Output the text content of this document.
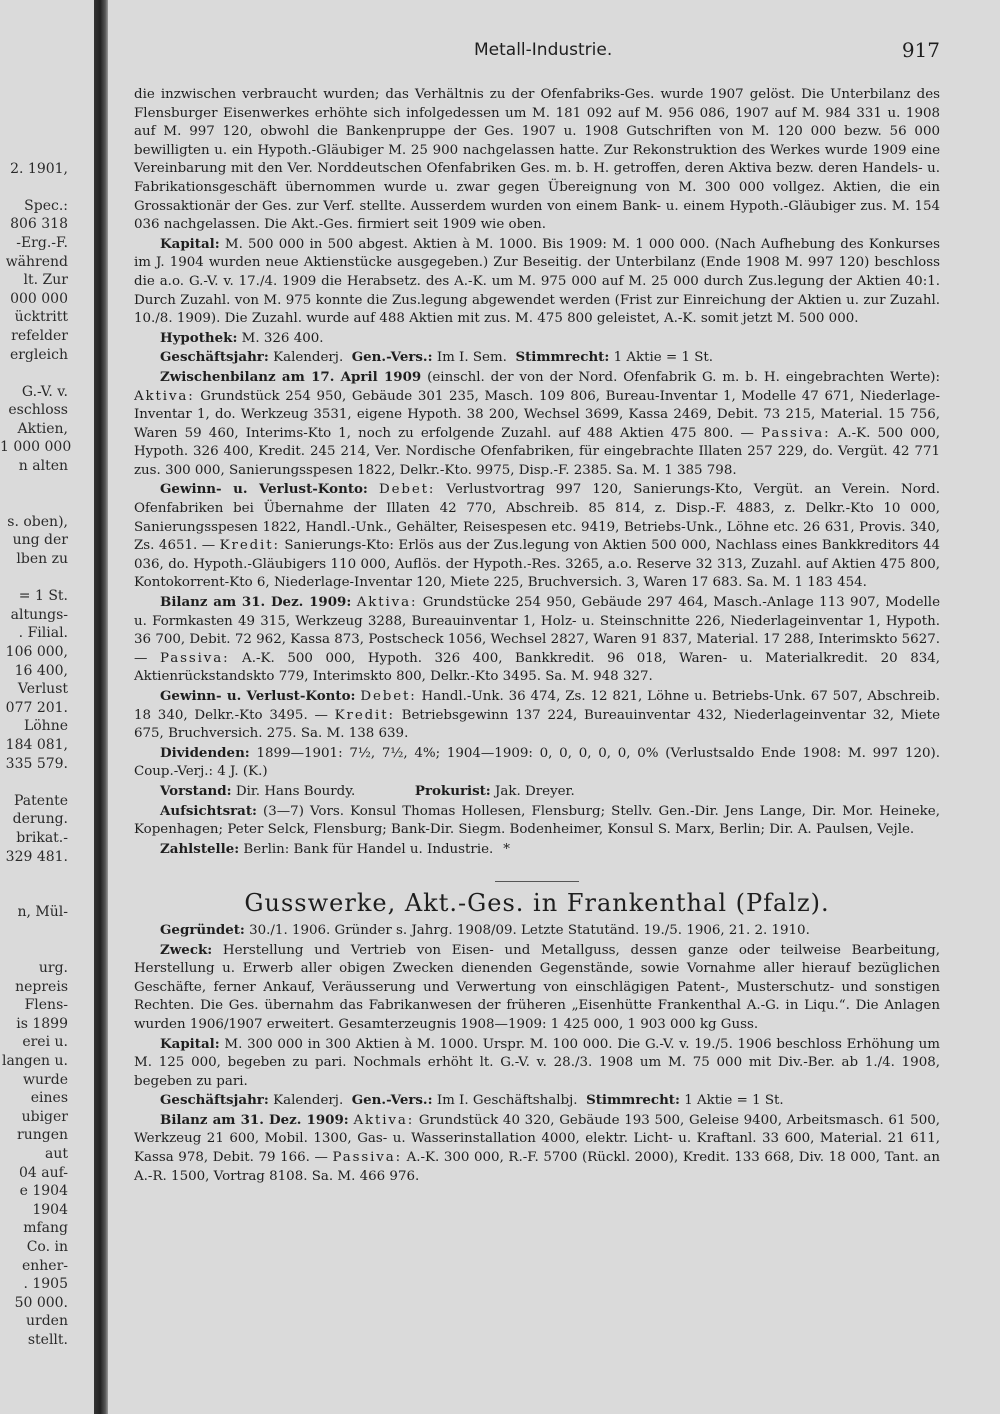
2. 1901,

Spec.:
806 318
-Erg.-F.
während
lt. Zur
000 000
ücktritt
refelder
ergleich

G.-V. v.
eschloss
Aktien,
1 000 000
n alten

s. oben),
ung der
lben zu

= 1 St.
altungs-
. Filial.
106 000,
16 400,
Verlust
077 201.
Löhne
184 081,
335 579.

Patente
derung.
brikat.-
329 481.

n, Mül-

urg.
nepreis
Flens-
is 1899
erei u.
langen u.
wurde
eines
ubiger
rungen
aut
04 auf-
e 1904
1904
mfang
Co. in
enher-
. 1905
50 000.
urden
stellt.
Metall-Industrie.	917

die inzwischen verbraucht wurden; das Verhältnis zu der Ofenfabriks-Ges. wurde 1907 gelöst. Die Unterbilanz des Flensburger Eisenwerkes erhöhte sich infolgedessen um M. 181 092 auf M. 956 086, 1907 auf M. 984 331 u. 1908 auf M. 997 120, obwohl die Bankenpruppe der Ges. 1907 u. 1908 Gutschriften von M. 120 000 bezw. 56 000 bewilligten u. ein Hypoth.-Gläubiger M. 25 900 nachgelassen hatte. Zur Rekonstruktion des Werkes wurde 1909 eine Vereinbarung mit den Ver. Norddeutschen Ofenfabriken Ges. m. b. H. getroffen, deren Aktiva bezw. deren Handels- u. Fabrikationsgeschäft übernommen wurde u. zwar gegen Übereignung von M. 300 000 vollgez. Aktien, die ein Grossaktionär der Ges. zur Verf. stellte. Ausserdem wurden von einem Bank- u. einem Hypoth.-Gläubiger zus. M. 154 036 nachgelassen. Die Akt.-Ges. firmiert seit 1909 wie oben.

Kapital: M. 500 000 in 500 abgest. Aktien à M. 1000. Bis 1909: M. 1 000 000. (Nach Aufhebung des Konkurses im J. 1904 wurden neue Aktienstücke ausgegeben.) Zur Beseitig. der Unterbilanz (Ende 1908 M. 997 120) beschloss die a.o. G.-V. v. 17./4. 1909 die Herabsetz. des A.-K. um M. 975 000 auf M. 25 000 durch Zus.legung der Aktien 40:1. Durch Zuzahl. von M. 975 konnte die Zus.legung abgewendet werden (Frist zur Einreichung der Aktien u. zur Zuzahl. 10./8. 1909). Die Zuzahl. wurde auf 488 Aktien mit zus. M. 475 800 geleistet, A.-K. somit jetzt M. 500 000.

Hypothek: M. 326 400.

Geschäftsjahr: Kalenderj. Gen.-Vers.: Im I. Sem. Stimmrecht: 1 Aktie = 1 St.

Zwischenbilanz am 17. April 1909 (einschl. der von der Nord. Ofenfabrik G. m. b. H. eingebrachten Werte): Aktiva: Grundstück 254 950, Gebäude 301 235, Masch. 109 806, Bureau-Inventar 1, Modelle 47 671, Niederlage-Inventar 1, do. Werkzeug 3531, eigene Hypoth. 38 200, Wechsel 3699, Kassa 2469, Debit. 73 215, Material. 15 756, Waren 59 460, Interims-Kto 1, noch zu erfolgende Zuzahl. auf 488 Aktien 475 800. — Passiva: A.-K. 500 000, Hypoth. 326 400, Kredit. 245 214, Ver. Nordische Ofenfabriken, für eingebrachte Illaten 257 229, do. Vergüt. 42 771 zus. 300 000, Sanierungsspesen 1822, Delkr.-Kto. 9975, Disp.-F. 2385. Sa. M. 1 385 798.

Gewinn- u. Verlust-Konto: Debet: Verlustvortrag 997 120, Sanierungs-Kto, Vergüt. an Verein. Nord. Ofenfabriken bei Übernahme der Illaten 42 770, Abschreib. 85 814, z. Disp.-F. 4883, z. Delkr.-Kto 10 000, Sanierungsspesen 1822, Handl.-Unk., Gehälter, Reisespesen etc. 9419, Betriebs-Unk., Löhne etc. 26 631, Provis. 340, Zs. 4651. — Kredit: Sanierungs-Kto: Erlös aus der Zus.legung von Aktien 500 000, Nachlass eines Bankkreditors 44 036, do. Hypoth.-Gläubigers 110 000, Auflös. der Hypoth.-Res. 3265, a.o. Reserve 32 313, Zuzahl. auf Aktien 475 800, Kontokorrent-Kto 6, Niederlage-Inventar 120, Miete 225, Bruchversich. 3, Waren 17 683. Sa. M. 1 183 454.

Bilanz am 31. Dez. 1909: Aktiva: Grundstücke 254 950, Gebäude 297 464, Masch.-Anlage 113 907, Modelle u. Formkasten 49 315, Werkzeug 3288, Bureauinventar 1, Holz- u. Steinschnitte 226, Niederlageinventar 1, Hypoth. 36 700, Debit. 72 962, Kassa 873, Postscheck 1056, Wechsel 2827, Waren 91 837, Material. 17 288, Interimskto 5627. — Passiva: A.-K. 500 000, Hypoth. 326 400, Bankkredit. 96 018, Waren- u. Materialkredit. 20 834, Aktienrückstandskto 779, Interimskto 800, Delkr.-Kto 3495. Sa. M. 948 327.

Gewinn- u. Verlust-Konto: Debet: Handl.-Unk. 36 474, Zs. 12 821, Löhne u. Betriebs-Unk. 67 507, Abschreib. 18 340, Delkr.-Kto 3495. — Kredit: Betriebsgewinn 137 224, Bureauinventar 432, Niederlageinventar 32, Miete 675, Bruchversich. 275. Sa. M. 138 639.

Dividenden: 1899—1901: 7½, 7½, 4%; 1904—1909: 0, 0, 0, 0, 0, 0% (Verlustsaldo Ende 1908: M. 997 120). Coup.-Verj.: 4 J. (K.)

Vorstand: Dir. Hans Bourdy.	Prokurist: Jak. Dreyer.

Aufsichtsrat: (3—7) Vors. Konsul Thomas Hollesen, Flensburg; Stellv. Gen.-Dir. Jens Lange, Dir. Mor. Heineke, Kopenhagen; Peter Selck, Flensburg; Bank-Dir. Siegm. Bodenheimer, Konsul S. Marx, Berlin; Dir. A. Paulsen, Vejle.

Zahlstelle: Berlin: Bank für Handel u. Industrie. *

Gusswerke, Akt.-Ges. in Frankenthal (Pfalz).

Gegründet: 30./1. 1906. Gründer s. Jahrg. 1908/09. Letzte Statutänd. 19./5. 1906, 21. 2. 1910.

Zweck: Herstellung und Vertrieb von Eisen- und Metallguss, dessen ganze oder teilweise Bearbeitung, Herstellung u. Erwerb aller obigen Zwecken dienenden Gegenstände, sowie Vornahme aller hierauf bezüglichen Geschäfte, ferner Ankauf, Veräusserung und Verwertung von einschlägigen Patent-, Musterschutz- und sonstigen Rechten. Die Ges. übernahm das Fabrikanwesen der früheren „Eisenhütte Frankenthal A.-G. in Liqu.“. Die Anlagen wurden 1906/1907 erweitert. Gesamterzeugnis 1908—1909: 1 425 000, 1 903 000 kg Guss.

Kapital: M. 300 000 in 300 Aktien à M. 1000. Urspr. M. 100 000. Die G.-V. v. 19./5. 1906 beschloss Erhöhung um M. 125 000, begeben zu pari. Nochmals erhöht lt. G.-V. v. 28./3. 1908 um M. 75 000 mit Div.-Ber. ab 1./4. 1908, begeben zu pari.

Geschäftsjahr: Kalenderj. Gen.-Vers.: Im I. Geschäftshalbj. Stimmrecht: 1 Aktie = 1 St.

Bilanz am 31. Dez. 1909: Aktiva: Grundstück 40 320, Gebäude 193 500, Geleise 9400, Arbeitsmasch. 61 500, Werkzeug 21 600, Mobil. 1300, Gas- u. Wasserinstallation 4000, elektr. Licht- u. Kraftanl. 33 600, Material. 21 611, Kassa 978, Debit. 79 166. — Passiva: A.-K. 300 000, R.-F. 5700 (Rückl. 2000), Kredit. 133 668, Div. 18 000, Tant. an A.-R. 1500, Vortrag 8108. Sa. M. 466 976.
